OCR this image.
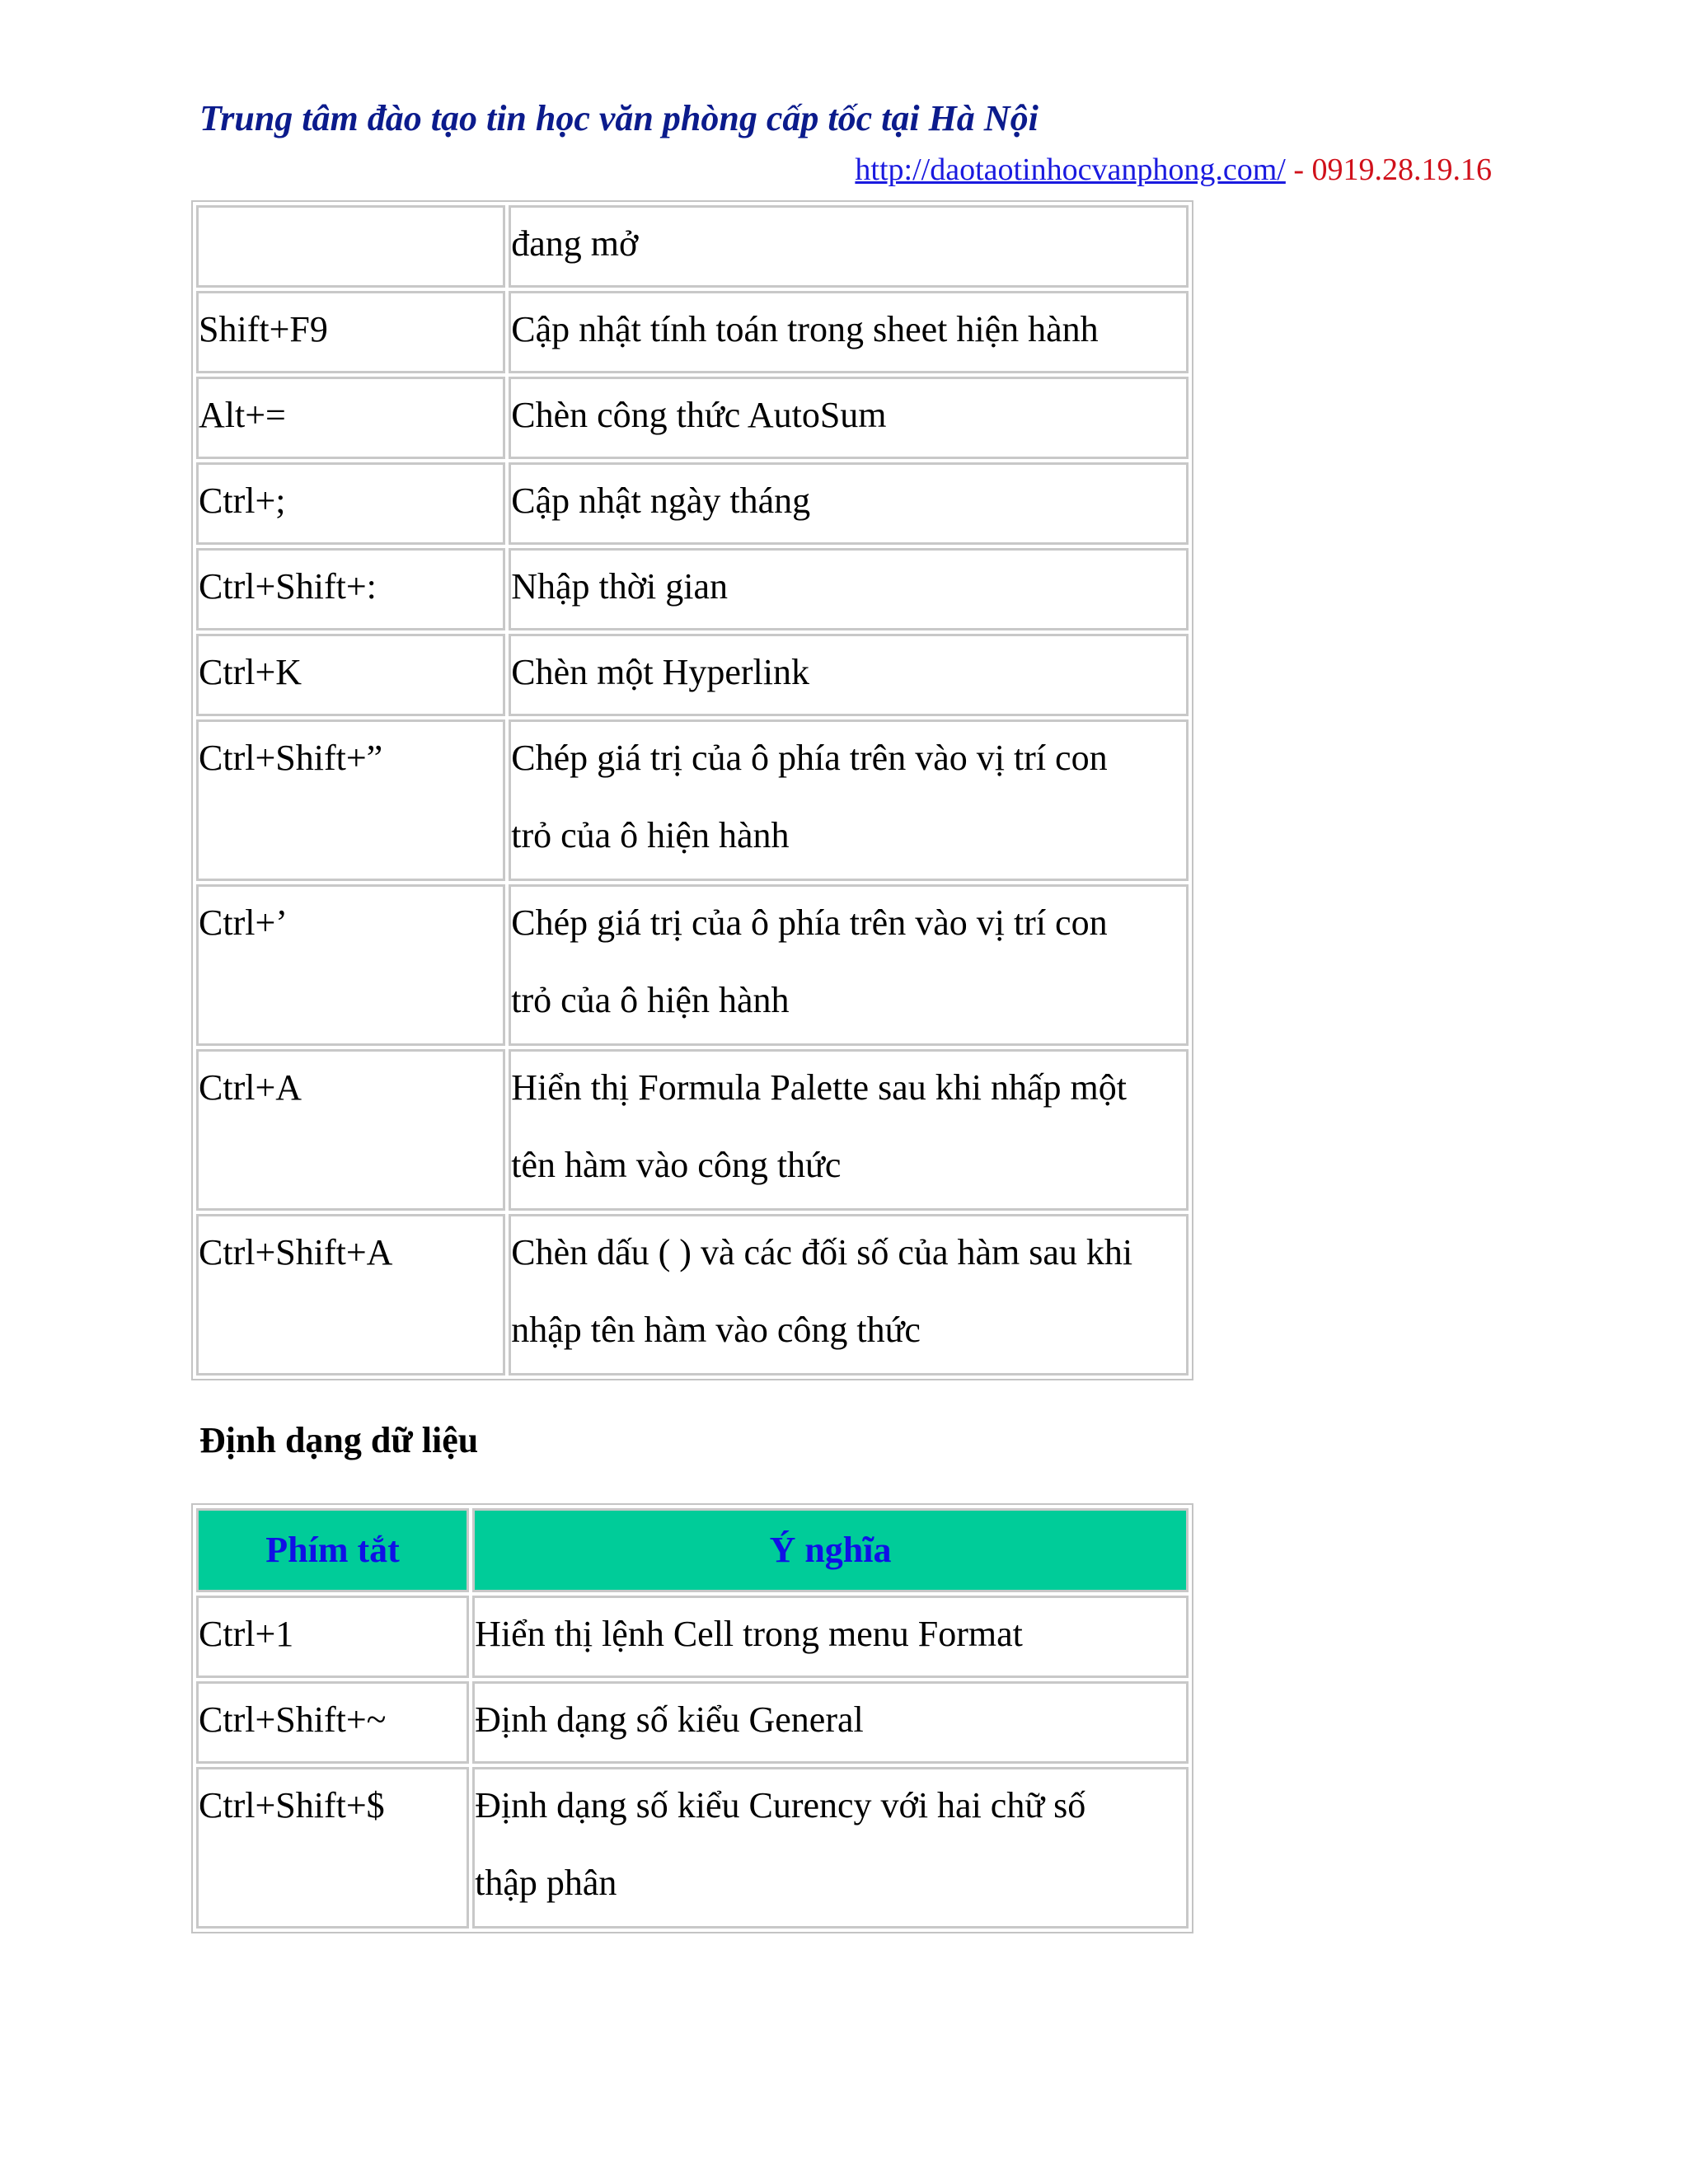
Trung tâm đào tạo tin học văn phòng cấp tốc tại Hà Nội
http://daotaotinhocvanphong.com/ - 0919.28.19.16

	đang mở

Shift+F9	Cập nhật tính toán trong sheet hiện hành

Alt+=	Chèn công thức AutoSum

Ctrl+;	Cập nhật ngày tháng

Ctrl+Shift+:	Nhập thời gian

Ctrl+K	Chèn một Hyperlink

Ctrl+Shift+”	Chép giá trị của ô phía trên vào vị trí con
trỏ của ô hiện hành

Ctrl+’	Chép giá trị của ô phía trên vào vị trí con
trỏ của ô hiện hành

Ctrl+A	Hiển thị Formula Palette sau khi nhấp một
tên hàm vào công thức

Ctrl+Shift+A	Chèn dấu ( ) và các đối số của hàm sau khi
nhập tên hàm vào công thức
Định dạng dữ liệu
Phím tắt	Ý nghĩa

Ctrl+1	Hiển thị lệnh Cell trong menu Format

Ctrl+Shift+~	Định dạng số kiểu General

Ctrl+Shift+$	Định dạng số kiểu Curency với hai chữ số
thập phân
